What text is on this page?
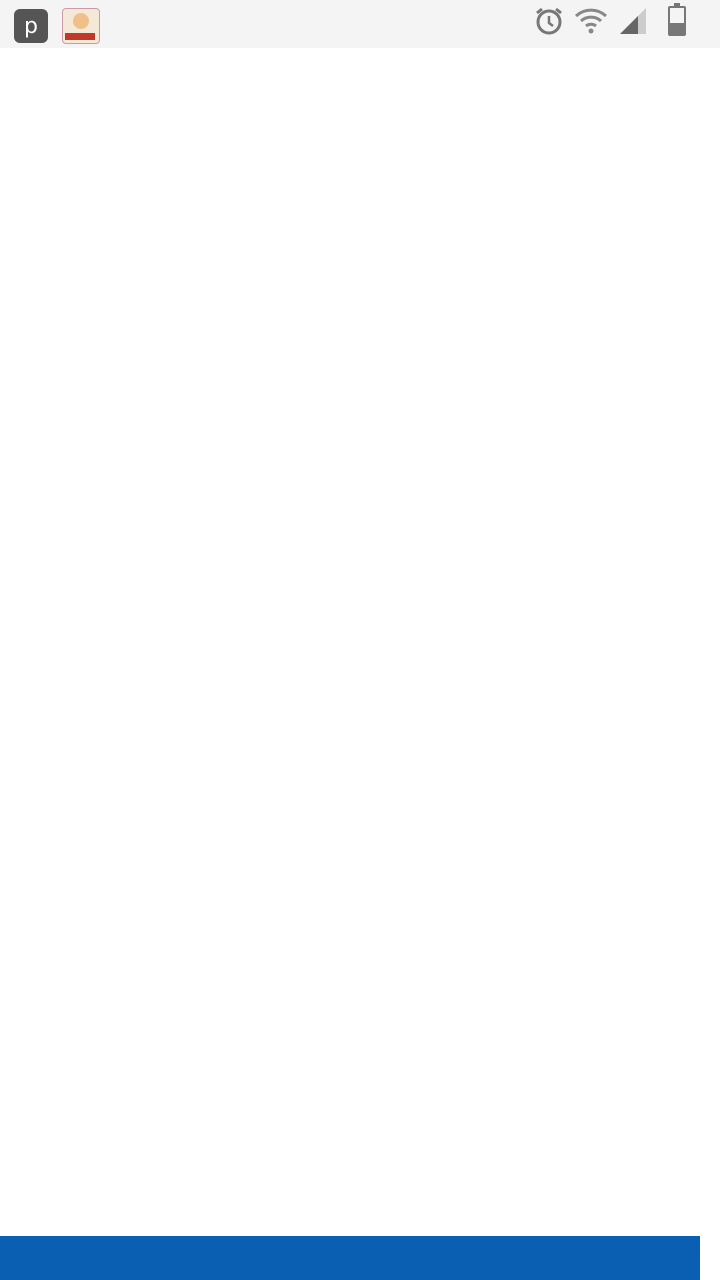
p
